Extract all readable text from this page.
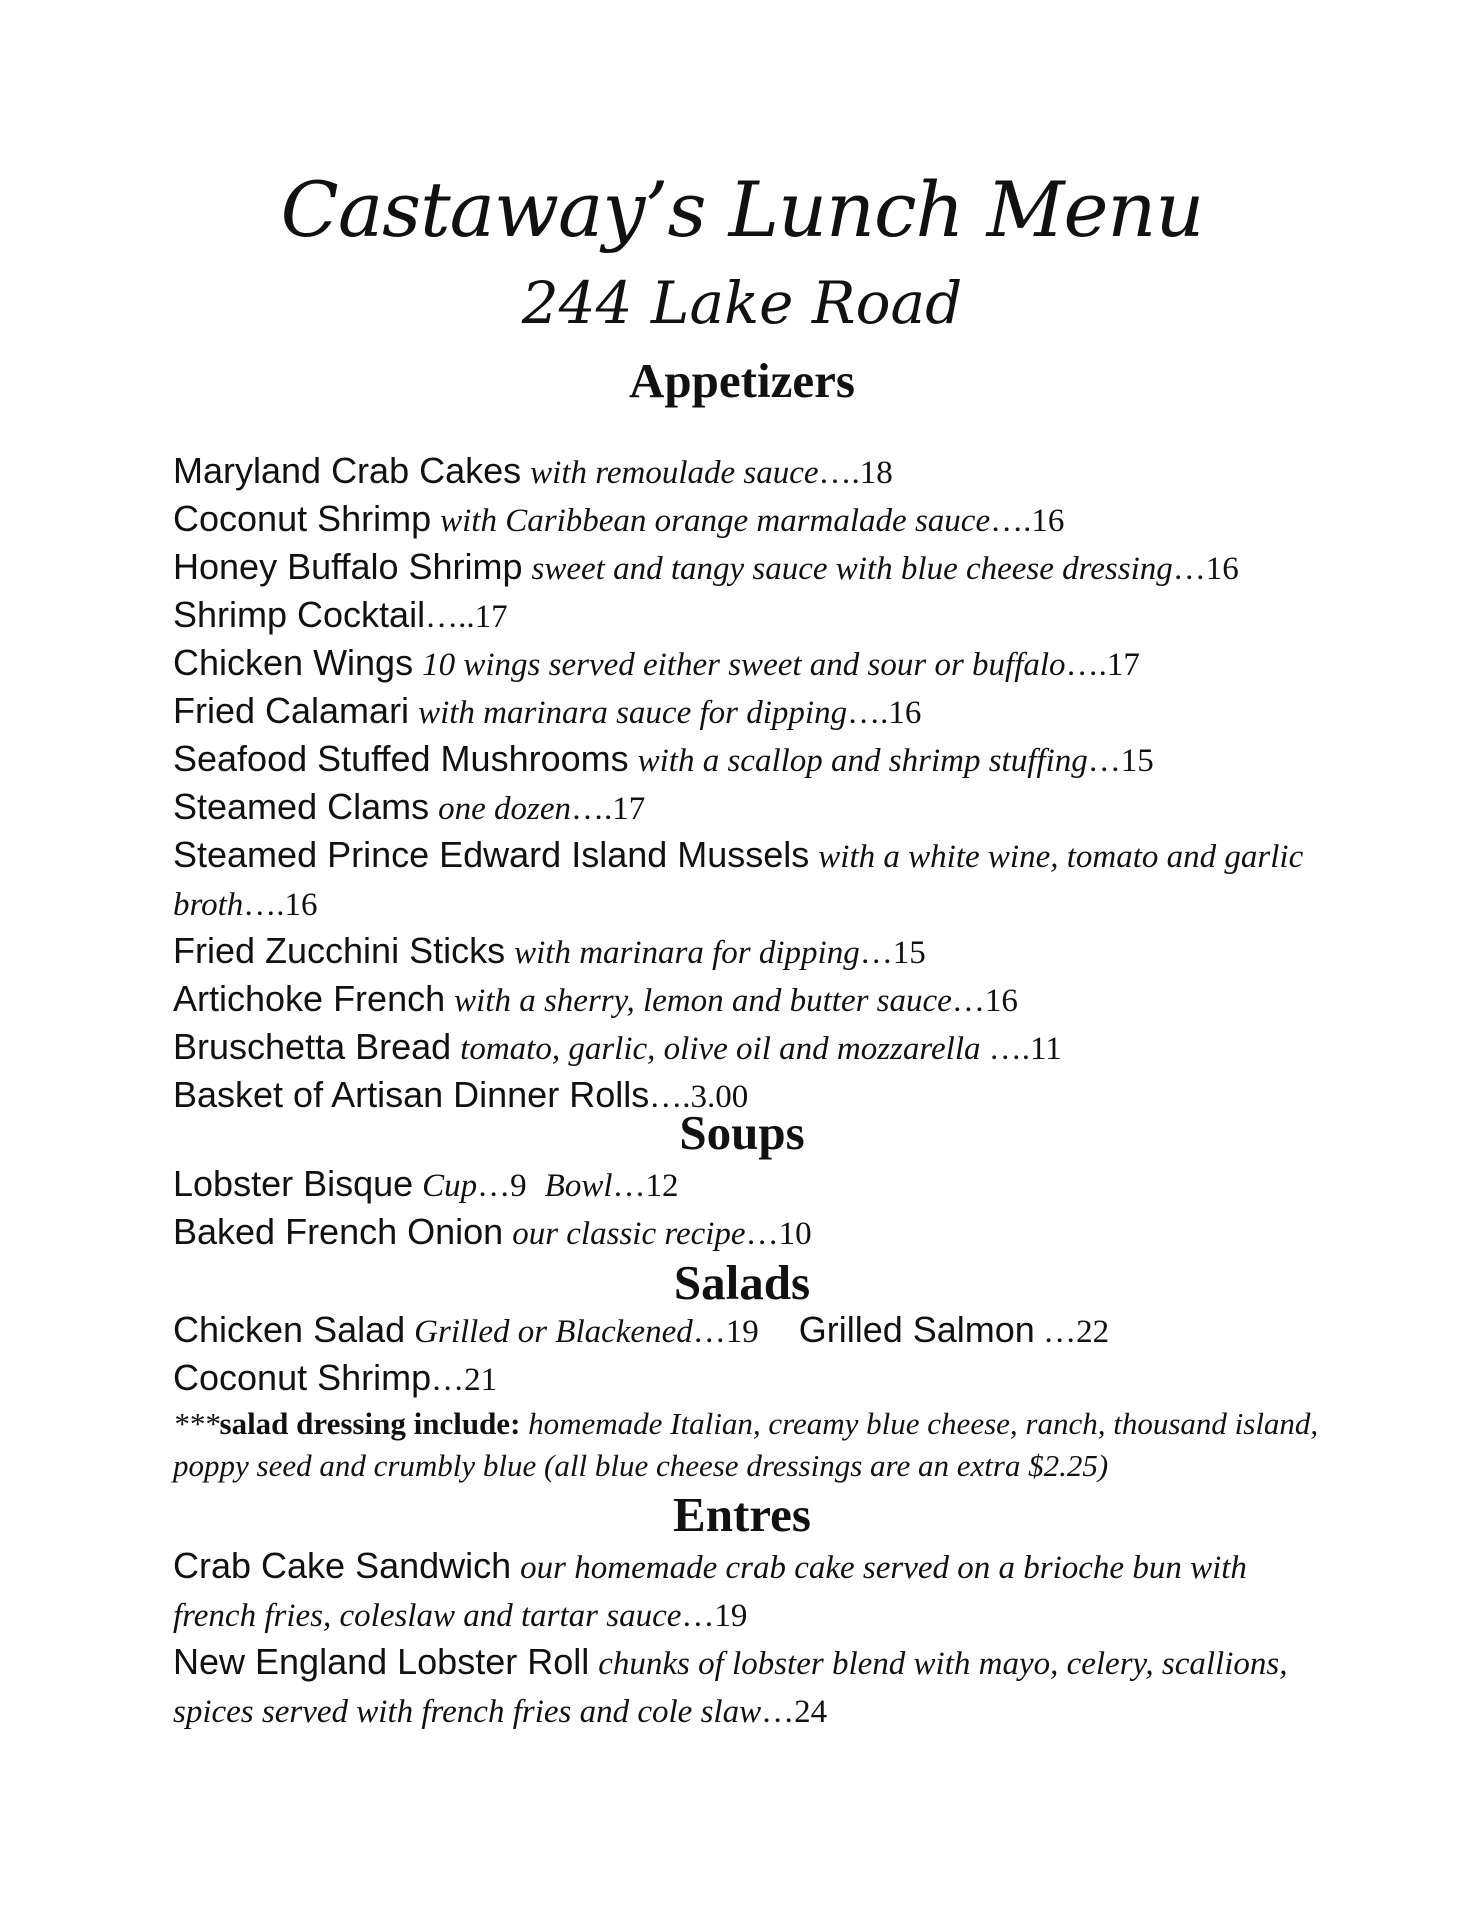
Castaway’s Lunch Menu
244 Lake Road
Appetizers
Maryland Crab Cakes with remoulade sauce….18
Coconut Shrimp with Caribbean orange marmalade sauce….16
Honey Buffalo Shrimp sweet and tangy sauce with blue cheese dressing…16
Shrimp Cocktail…..17
Chicken Wings 10 wings served either sweet and sour or buffalo….17
Fried Calamari with marinara sauce for dipping….16
Seafood Stuffed Mushrooms with a scallop and shrimp stuffing…15
Steamed Clams one dozen….17
Steamed Prince Edward Island Mussels with a white wine, tomato and garlic broth….16
Fried Zucchini Sticks with marinara for dipping…15
Artichoke French with a sherry, lemon and butter sauce…16
Bruschetta Bread tomato, garlic, olive oil and mozzarella ….11
Basket of Artisan Dinner Rolls….3.00
Soups
Lobster Bisque Cup…9 Bowl…12
Baked French Onion our classic recipe…10
Salads
Chicken Salad Grilled or Blackened…19 Grilled Salmon …22
Coconut Shrimp…21
***salad dressing include: homemade Italian, creamy blue cheese, ranch, thousand island, poppy seed and crumbly blue (all blue cheese dressings are an extra $2.25)
Entres
Crab Cake Sandwich our homemade crab cake served on a brioche bun with french fries, coleslaw and tartar sauce…19
New England Lobster Roll chunks of lobster blend with mayo, celery, scallions, spices served with french fries and cole slaw…24
